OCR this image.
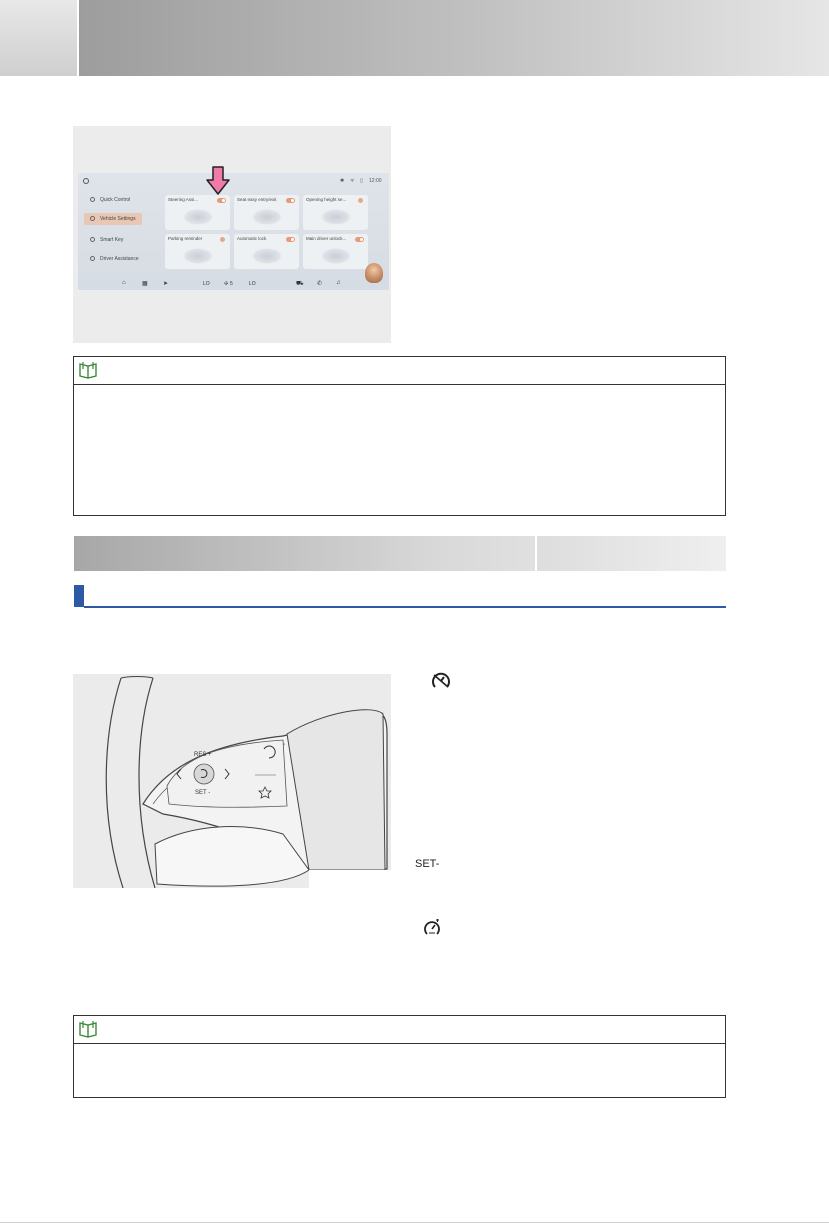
✱ ᯤ ▯ 12:00
Quick Control
Vehicle Settings
Smart Key
Driver Assistance
Steering Assi...	Seat easy entry/exit	Opening height se...
Parking reminder	Automatic lock	Main driver unlock...
⌂	▦	➤	LO	✣ 5	LO	⛟ ✆ ♫
RES +
SET -
SET-
